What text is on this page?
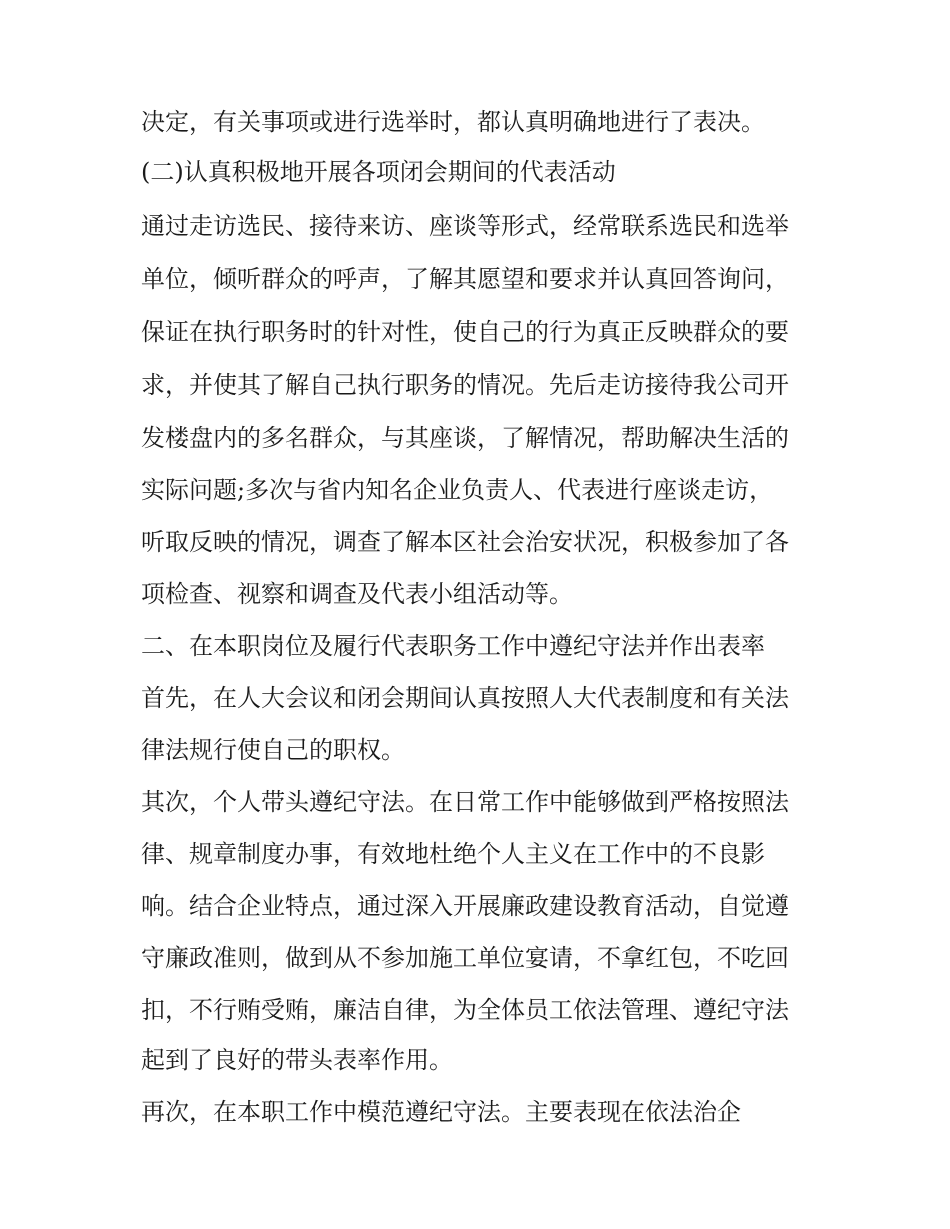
决定，有关事项或进行选举时，都认真明确地进行了表决。
(二)认真积极地开展各项闭会期间的代表活动
通过走访选民、接待来访、座谈等形式，经常联系选民和选举
单位，倾听群众的呼声，了解其愿望和要求并认真回答询问，
保证在执行职务时的针对性，使自己的行为真正反映群众的要
求，并使其了解自己执行职务的情况。先后走访接待我公司开
发楼盘内的多名群众，与其座谈，了解情况，帮助解决生活的
实际问题;多次与省内知名企业负责人、代表进行座谈走访，
听取反映的情况，调查了解本区社会治安状况，积极参加了各
项检查、视察和调查及代表小组活动等。
二、在本职岗位及履行代表职务工作中遵纪守法并作出表率
首先，在人大会议和闭会期间认真按照人大代表制度和有关法
律法规行使自己的职权。
其次，个人带头遵纪守法。在日常工作中能够做到严格按照法
律、规章制度办事，有效地杜绝个人主义在工作中的不良影
响。结合企业特点，通过深入开展廉政建设教育活动，自觉遵
守廉政准则，做到从不参加施工单位宴请，不拿红包，不吃回
扣，不行贿受贿，廉洁自律，为全体员工依法管理、遵纪守法
起到了良好的带头表率作用。
再次，在本职工作中模范遵纪守法。主要表现在依法治企
